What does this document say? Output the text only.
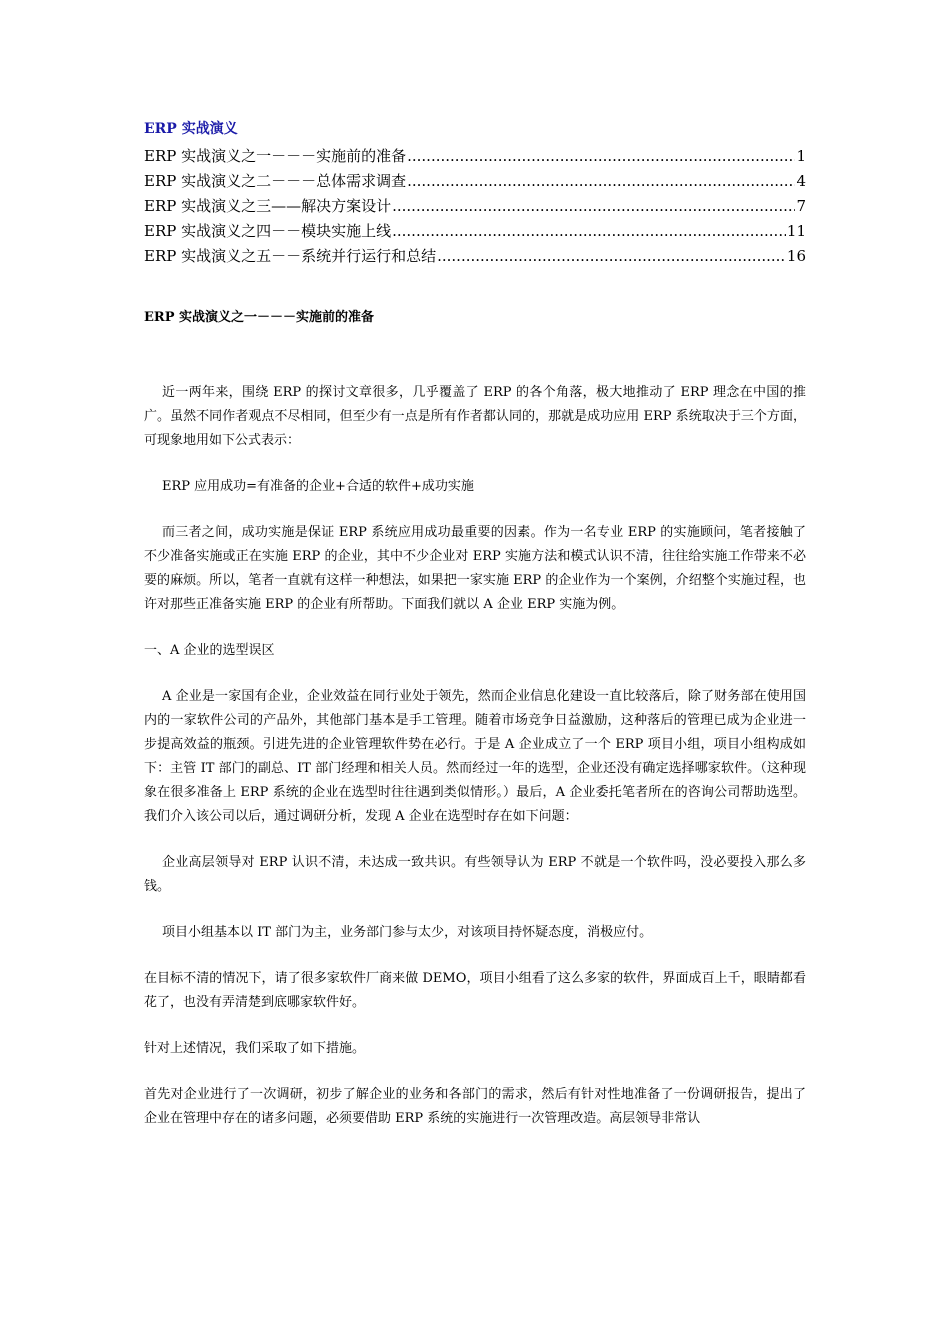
ERP 实战演义
ERP 实战演义之一－－－实施前的准备 .....	1
ERP 实战演义之二－－－总体需求调查 .....	4
ERP 实战演义之三——解决方案设计 .....	7
ERP 实战演义之四－－模块实施上线 .....	11
ERP 实战演义之五－－系统并行运行和总结 .....	16
ERP 实战演义之一－－－实施前的准备

近一两年来，围绕 ERP 的探讨文章很多，几乎覆盖了 ERP 的各个角落，极大地推动了 ERP 理念在中国的推广。虽然不同作者观点不尽相同，但至少有一点是所有作者都认同的，那就是成功应用 ERP 系统取决于三个方面，可现象地用如下公式表示：

ERP 应用成功=有准备的企业+合适的软件+成功实施

而三者之间，成功实施是保证 ERP 系统应用成功最重要的因素。作为一名专业 ERP 的实施顾问，笔者接触了不少准备实施或正在实施 ERP 的企业，其中不少企业对 ERP 实施方法和模式认识不清，往往给实施工作带来不必要的麻烦。所以，笔者一直就有这样一种想法，如果把一家实施 ERP 的企业作为一个案例，介绍整个实施过程，也许对那些正准备实施 ERP 的企业有所帮助。下面我们就以 A 企业 ERP 实施为例。

一、A 企业的选型误区

A 企业是一家国有企业，企业效益在同行业处于领先，然而企业信息化建设一直比较落后，除了财务部在使用国内的一家软件公司的产品外，其他部门基本是手工管理。随着市场竞争日益激励，这种落后的管理已成为企业进一步提高效益的瓶颈。引进先进的企业管理软件势在必行。于是 A 企业成立了一个 ERP 项目小组，项目小组构成如下：主管 IT 部门的副总、IT 部门经理和相关人员。然而经过一年的选型，企业还没有确定选择哪家软件。（这种现象在很多准备上 ERP 系统的企业在选型时往往遇到类似情形。）最后，A 企业委托笔者所在的咨询公司帮助选型。我们介入该公司以后，通过调研分析，发现 A 企业在选型时存在如下问题：

企业高层领导对 ERP 认识不清，未达成一致共识。有些领导认为 ERP 不就是一个软件吗，没必要投入那么多钱。

项目小组基本以 IT 部门为主，业务部门参与太少，对该项目持怀疑态度，消极应付。

在目标不清的情况下，请了很多家软件厂商来做 DEMO，项目小组看了这么多家的软件，界面成百上千，眼睛都看花了，也没有弄清楚到底哪家软件好。

针对上述情况，我们采取了如下措施。

首先对企业进行了一次调研，初步了解企业的业务和各部门的需求，然后有针对性地准备了一份调研报告，提出了企业在管理中存在的诸多问题，必须要借助 ERP 系统的实施进行一次管理改造。高层领导非常认
